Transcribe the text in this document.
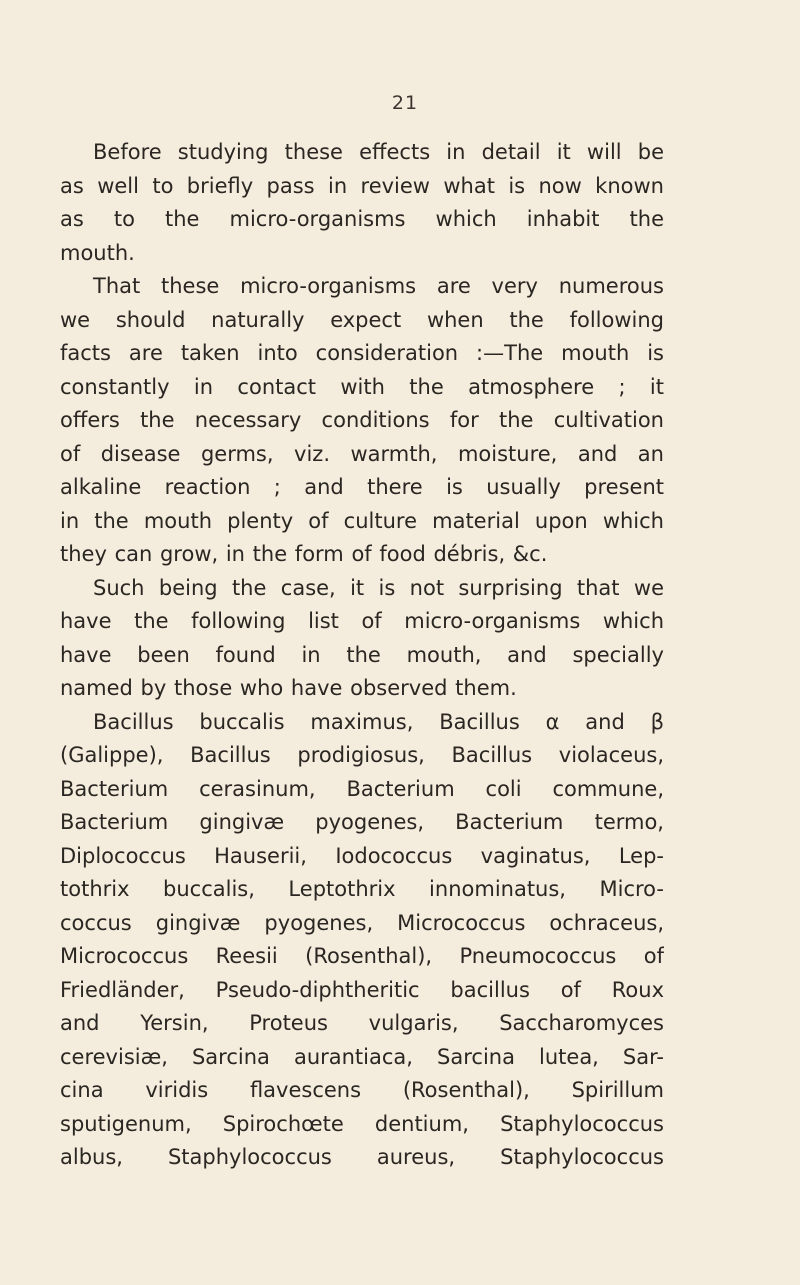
21
Before studying these effects in detail it will be
as well to briefly pass in review what is now known
as to the micro-organisms which inhabit the
mouth.
That these micro-organisms are very numerous
we should naturally expect when the following
facts are taken into consideration :—The mouth is
constantly in contact with the atmosphere ; it
offers the necessary conditions for the cultivation
of disease germs, viz. warmth, moisture, and an
alkaline reaction ; and there is usually present
in the mouth plenty of culture material upon which
they can grow, in the form of food débris, &c.
Such being the case, it is not surprising that we
have the following list of micro-organisms which
have been found in the mouth, and specially
named by those who have observed them.
Bacillus buccalis maximus, Bacillus α and β
(Galippe), Bacillus prodigiosus, Bacillus violaceus,
Bacterium cerasinum, Bacterium coli commune,
Bacterium gingivæ pyogenes, Bacterium termo,
Diplococcus Hauserii, Iodococcus vaginatus, Lep-
tothrix buccalis, Leptothrix innominatus, Micro-
coccus gingivæ pyogenes, Micrococcus ochraceus,
Micrococcus Reesii (Rosenthal), Pneumococcus of
Friedländer, Pseudo-diphtheritic bacillus of Roux
and Yersin, Proteus vulgaris, Saccharomyces
cerevisiæ, Sarcina aurantiaca, Sarcina lutea, Sar-
cina viridis flavescens (Rosenthal), Spirillum
sputigenum, Spirochœte dentium, Staphylococcus
albus, Staphylococcus aureus, Staphylococcus
